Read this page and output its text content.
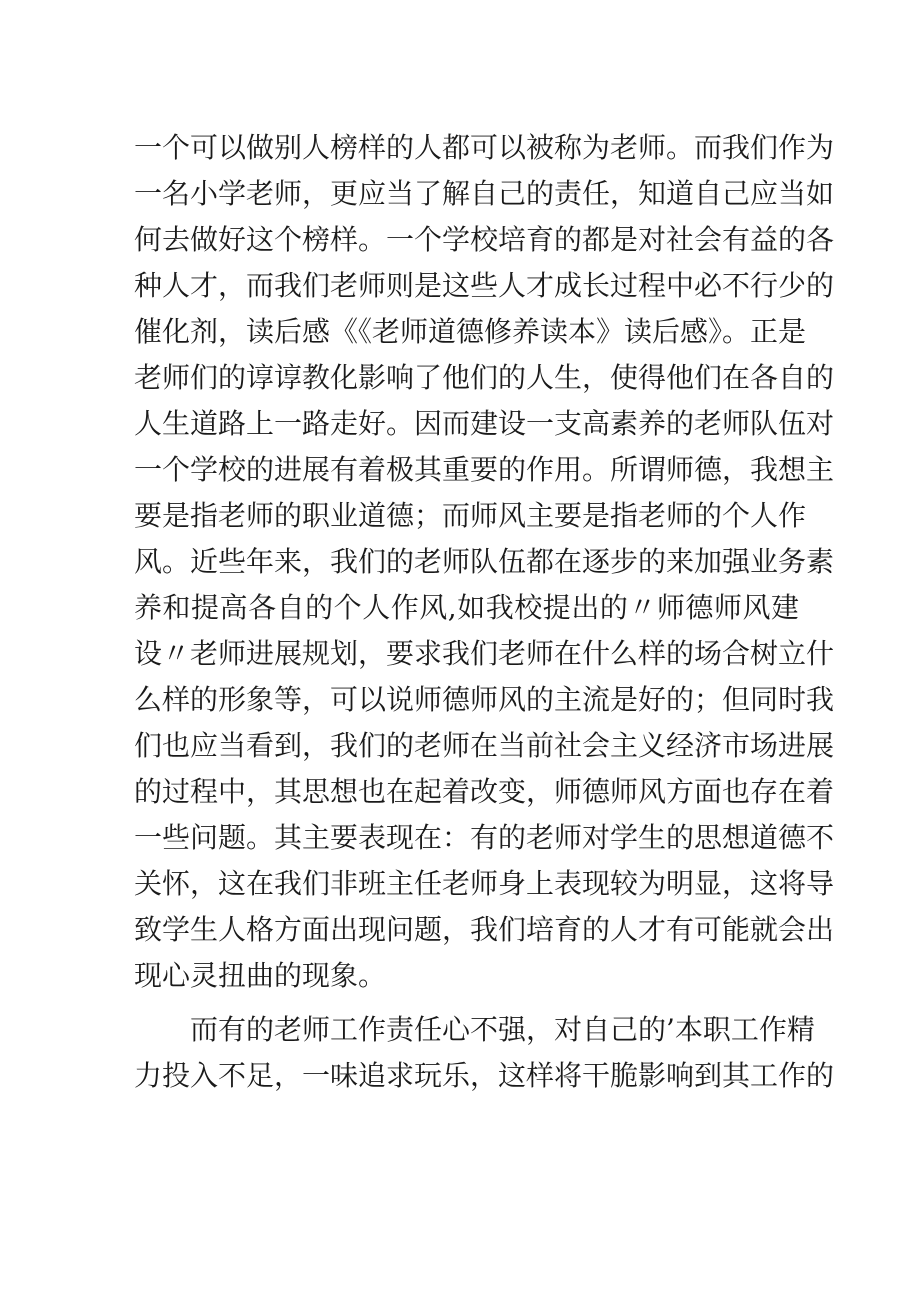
一个可以做别人榜样的人都可以被称为老师。而我们作为
一名小学老师，更应当了解自己的责任，知道自己应当如
何去做好这个榜样。一个学校培育的都是对社会有益的各
种人才，而我们老师则是这些人才成长过程中必不行少的
催化剂，读后感《《老师道德修养读本》读后感》。正是
老师们的谆谆教化影响了他们的人生，使得他们在各自的
人生道路上一路走好。因而建设一支高素养的老师队伍对
一个学校的进展有着极其重要的作用。所谓师德，我想主
要是指老师的职业道德；而师风主要是指老师的个人作
风。近些年来，我们的老师队伍都在逐步的来加强业务素
养和提高各自的个人作风,如我校提出的〃师德师风建
设〃老师进展规划，要求我们老师在什么样的场合树立什
么样的形象等，可以说师德师风的主流是好的；但同时我
们也应当看到，我们的老师在当前社会主义经济市场进展
的过程中，其思想也在起着改变，师德师风方面也存在着
一些问题。其主要表现在：有的老师对学生的思想道德不
关怀，这在我们非班主任老师身上表现较为明显，这将导
致学生人格方面出现问题，我们培育的人才有可能就会出
现心灵扭曲的现象。
而有的老师工作责任心不强，对自己的’本职工作精
力投入不足，一味追求玩乐，这样将干脆影响到其工作的
